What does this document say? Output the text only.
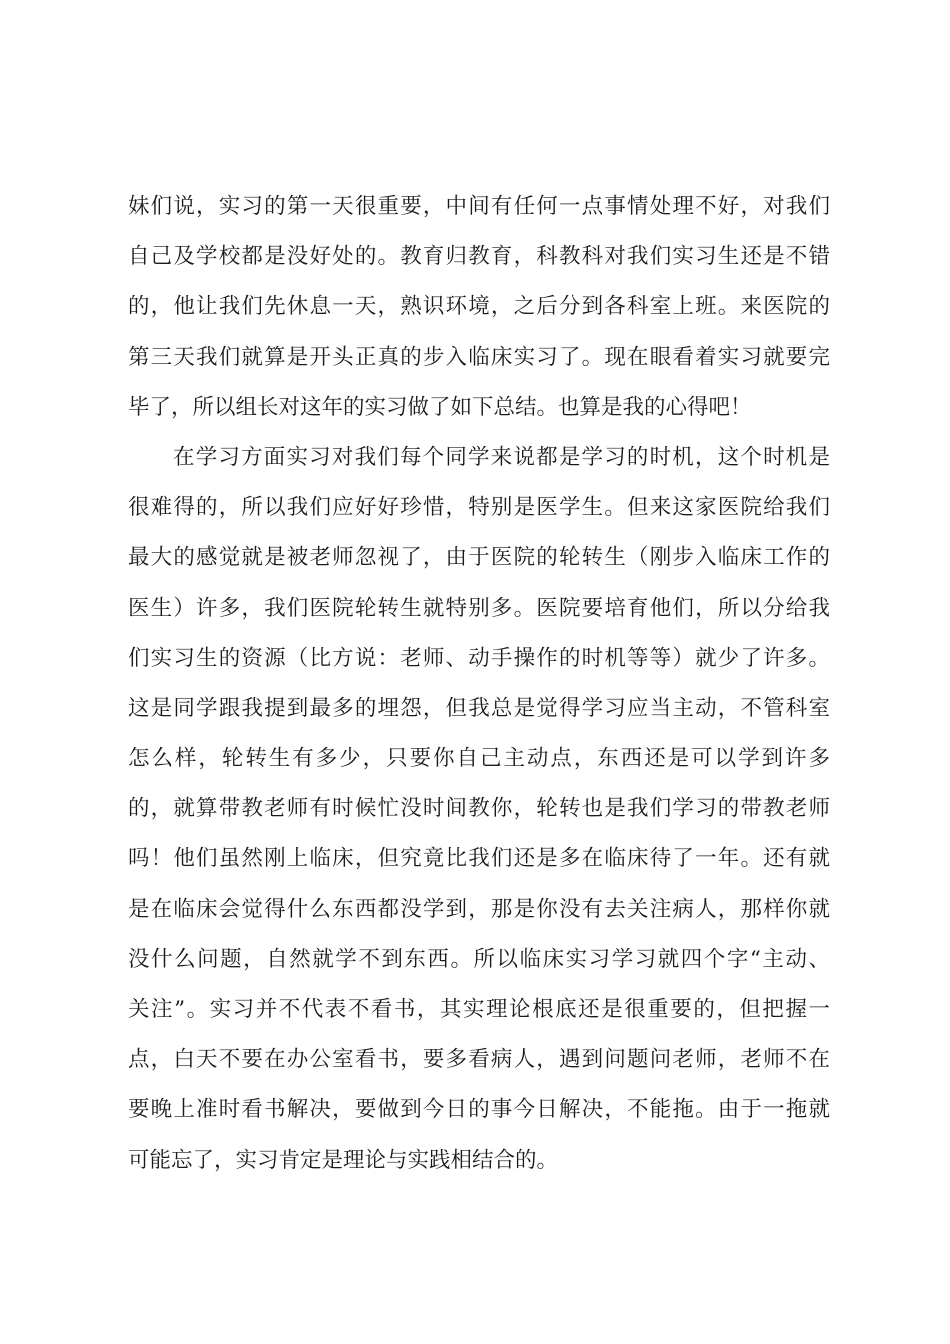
妹们说，实习的第一天很重要，中间有任何一点事情处理不好，对我们
自己及学校都是没好处的。教育归教育，科教科对我们实习生还是不错
的，他让我们先休息一天，熟识环境，之后分到各科室上班。来医院的
第三天我们就算是开头正真的步入临床实习了。现在眼看着实习就要完
毕了，所以组长对这年的实习做了如下总结。也算是我的心得吧！
在学习方面实习对我们每个同学来说都是学习的时机，这个时机是
很难得的，所以我们应好好珍惜，特别是医学生。但来这家医院给我们
最大的感觉就是被老师忽视了，由于医院的轮转生（刚步入临床工作的
医生）许多，我们医院轮转生就特别多。医院要培育他们，所以分给我
们实习生的资源（比方说：老师、动手操作的时机等等）就少了许多。
这是同学跟我提到最多的埋怨，但我总是觉得学习应当主动，不管科室
怎么样，轮转生有多少，只要你自己主动点，东西还是可以学到许多
的，就算带教老师有时候忙没时间教你，轮转也是我们学习的带教老师
吗！他们虽然刚上临床，但究竟比我们还是多在临床待了一年。还有就
是在临床会觉得什么东西都没学到，那是你没有去关注病人，那样你就
没什么问题，自然就学不到东西。所以临床实习学习就四个字“主动、
关注”。实习并不代表不看书，其实理论根底还是很重要的，但把握一
点，白天不要在办公室看书，要多看病人，遇到问题问老师，老师不在
要晚上准时看书解决，要做到今日的事今日解决，不能拖。由于一拖就
可能忘了，实习肯定是理论与实践相结合的。
